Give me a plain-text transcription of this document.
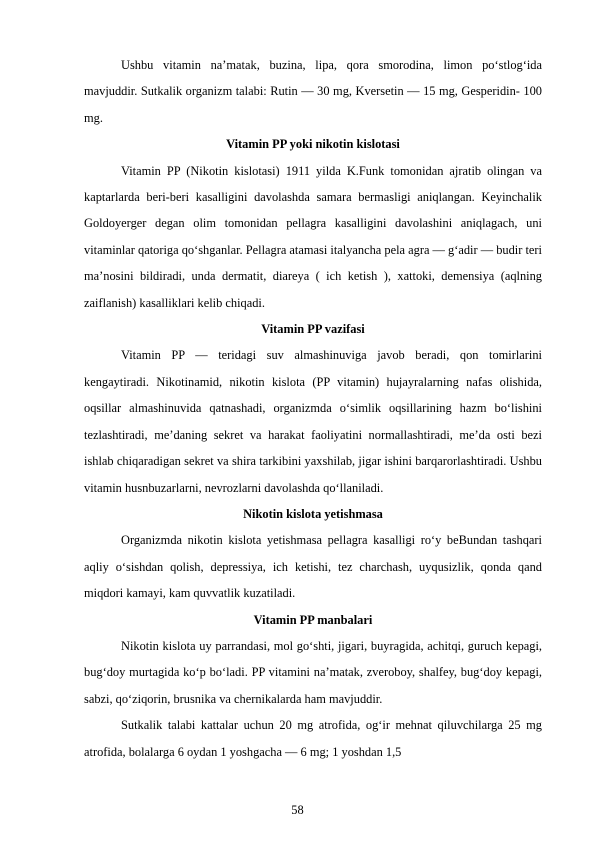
Ushbu vitamin na’matak, buzina, lipa, qora smorodina, limon po‘stlog‘ida mavjuddir. Sutkalik organizm talabi: Rutin — 30 mg, Kversetin — 15 mg, Gesperidin- 100 mg.

Vitamin PP yoki nikotin kislotasi

Vitamin PP (Nikotin kislotasi) 1911 yilda K.Funk tomonidan ajratib olingan va kaptarlarda beri-beri kasalligini davolashda samara bermasligi aniqlangan. Keyinchalik Goldoyerger degan olim tomonidan pellagra kasalligini davolashini aniqlagach, uni vitaminlar qatoriga qo‘shganlar. Pellagra atamasi italyancha pela agra — g‘adir — budir teri ma’nosini bildiradi, unda dermatit, diareya ( ich ketish ), xattoki, demensiya (aqlning zaiflanish) kasalliklari kelib chiqadi.

Vitamin PP vazifasi

Vitamin PP — teridagi suv almashinuviga javob beradi, qon tomirlarini kengaytiradi. Nikotinamid, nikotin kislota (PP vitamin) hujayralarning nafas olishida, oqsillar almashinuvida qatnashadi, organizmda o‘simlik oqsillarining hazm bo‘lishini tezlashtiradi, me’daning sekret va harakat faoliyatini normallashtiradi, me’da osti bezi ishlab chiqaradigan sekret va shira tarkibini yaxshilab, jigar ishini barqarorlashtiradi. Ushbu vitamin husnbuzarlarni, nevrozlarni davolashda qo‘llaniladi.

Nikotin kislota yetishmasa

Organizmda nikotin kislota yetishmasa pellagra kasalligi ro‘y beBundan tashqari aqliy o‘sishdan qolish, depressiya, ich ketishi, tez charchash, uyqusizlik, qonda qand miqdori kamayi, kam quvvatlik kuzatiladi.

Vitamin PP manbalari

Nikotin kislota uy parrandasi, mol go‘shti, jigari, buyragida, achitqi, guruch kepagi, bug‘doy murtagida ko‘p bo‘ladi. PP vitamini na’matak, zveroboy, shalfey, bug‘doy kepagi, sabzi, qo‘ziqorin, brusnika va chernikalarda ham mavjuddir.

Sutkalik talabi kattalar uchun 20 mg atrofida, og‘ir mehnat qiluvchilarga 25 mg atrofida, bolalarga 6 oydan 1 yoshgacha — 6 mg; 1 yoshdan 1,5

58
